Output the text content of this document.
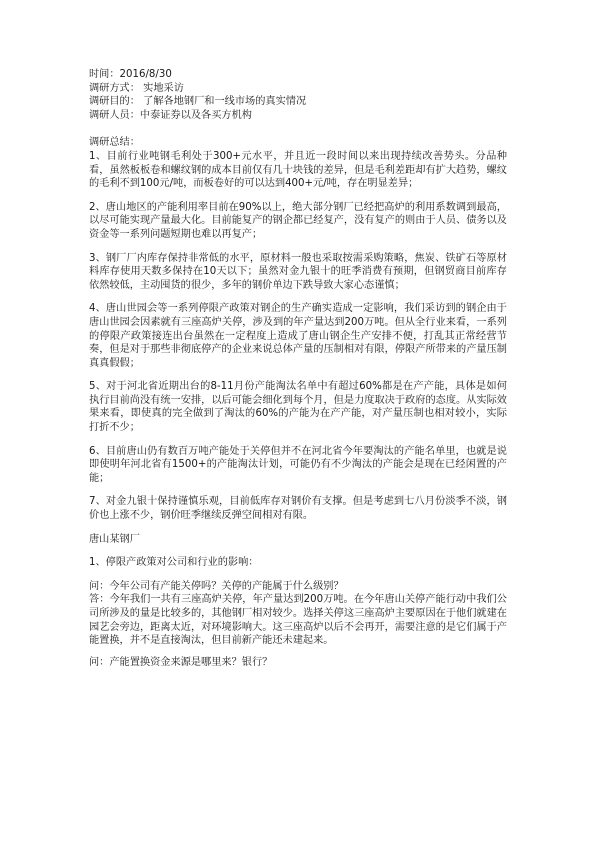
时间：2016/8/30

调研方式： 实地采访

调研目的： 了解各地钢厂和一线市场的真实情况

调研人员：中泰证券以及各买方机构

调研总结：

1、目前行业吨钢毛利处于300+元水平，并且近一段时间以来出现持续改善势头。分品种看，虽然板板卷和螺纹钢的成本目前仅有几十块钱的差异，但是毛利差距却有扩大趋势，螺纹的毛利不到100元/吨，而板卷好的可以达到400+元/吨，存在明显差异；

2、唐山地区的产能利用率目前在90%以上，绝大部分钢厂已经把高炉的利用系数调到最高，以尽可能实现产量最大化。目前能复产的钢企都已经复产，没有复产的则由于人员、债务以及资金等一系列问题短期也难以再复产；

3、钢厂厂内库存保持非常低的水平，原材料一般也采取按需采购策略，焦炭、铁矿石等原材料库存使用天数多保持在10天以下；虽然对金九银十的旺季消费有预期，但钢贸商目前库存依然较低，主动囤货的很少，多年的钢价单边下跌导致大家心态谨慎；

4、唐山世园会等一系列停限产政策对钢企的生产确实造成一定影响，我们采访到的钢企由于唐山世园会因素就有三座高炉关停，涉及到的年产量达到200万吨。但从全行业来看，一系列的停限产政策接连出台虽然在一定程度上造成了唐山钢企生产安排不便，打乱其正常经营节奏，但是对于那些非彻底停产的企业来说总体产量的压制相对有限，停限产所带来的产量压制真真假假；

5、对于河北省近期出台的8-11月份产能淘汰名单中有超过60%都是在产产能，具体是如何执行目前尚没有统一安排，以后可能会细化到每个月，但是力度取决于政府的态度。从实际效果来看，即使真的完全做到了淘汰的60%的产能为在产产能，对产量压制也相对较小，实际打折不少；

6、目前唐山仍有数百万吨产能处于关停但并不在河北省今年要淘汰的产能名单里，也就是说即使明年河北省有1500+的产能淘汰计划，可能仍有不少淘汰的产能会是现在已经闲置的产能；

7、对金九银十保持谨慎乐观，目前低库存对钢价有支撑。但是考虑到七八月份淡季不淡，钢价也上涨不少，钢价旺季继续反弹空间相对有限。

唐山某钢厂

1、停限产政策对公司和行业的影响：

问：今年公司有产能关停吗？关停的产能属于什么级别？

答：今年我们一共有三座高炉关停，年产量达到200万吨。在今年唐山关停产能行动中我们公司所涉及的量是比较多的，其他钢厂相对较少。选择关停这三座高炉主要原因在于他们就建在园艺会旁边，距离太近，对环境影响大。这三座高炉以后不会再开，需要注意的是它们属于产能置换，并不是直接淘汰，但目前新产能还未建起来。

问：产能置换资金来源是哪里来？银行？
